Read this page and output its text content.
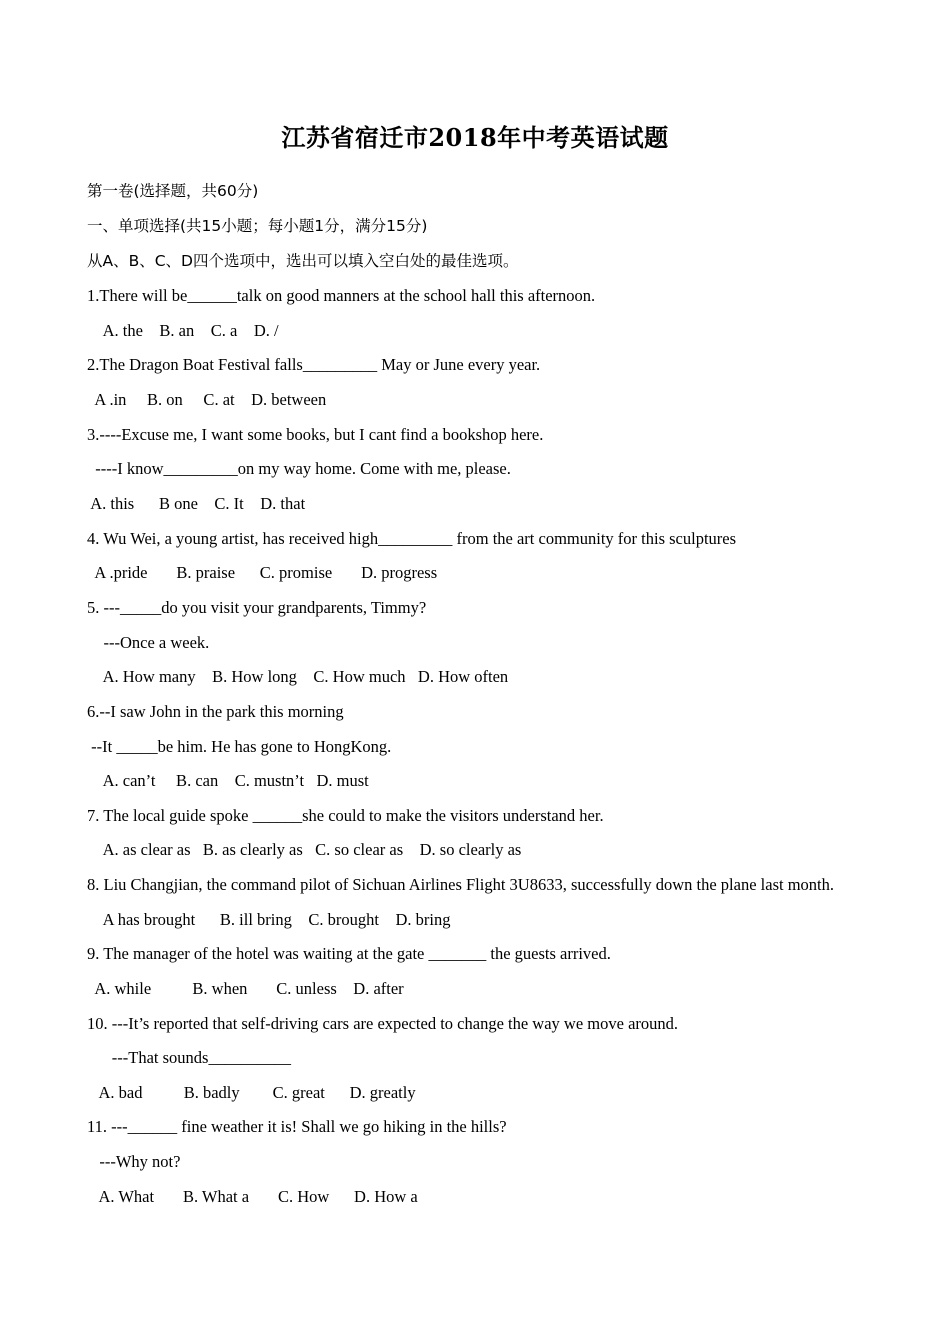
江苏省宿迁市2018年中考英语试题
第一卷(选择题，共60分)
一、单项选择(共15小题；每小题1分，满分15分)
从A、B、C、D四个选项中，选出可以填入空白处的最佳选项。
1.There will be______talk on good manners at the school hall this afternoon.
A. the    B. an    C. a    D. /
2.The Dragon Boat Festival falls_________ May or June every year.
A .in     B. on     C. at    D. between
3.----Excuse me, I want some books, but I cant find a bookshop here.
----I know_________on my way home. Come with me, please.
A. this      B one    C. It    D. that
4. Wu Wei, a young artist, has received high_________ from the art community for this sculptures
A .pride       B. praise      C. promise       D. progress
5. ---_____do you visit your grandparents, Timmy?
---Once a week.
A. How many    B. How long    C. How much   D. How often
6.--I saw John in the park this morning
--It _____be him. He has gone to HongKong.
A. can’t     B. can    C. mustn’t   D. must
7. The local guide spoke ______she could to make the visitors understand her.
A. as clear as   B. as clearly as   C. so clear as    D. so clearly as
8. Liu Changjian, the command pilot of Sichuan Airlines Flight 3U8633, successfully down the plane last month.
A has brought      B. ill bring    C. brought    D. bring
9. The manager of the hotel was waiting at the gate _______ the guests arrived.
A. while          B. when       C. unless    D. after
10. ---It’s reported that self-driving cars are expected to change the way we move around.
---That sounds__________
A. bad          B. badly        C. great      D. greatly
11. ---______ fine weather it is! Shall we go hiking in the hills?
---Why not?
A. What       B. What a       C. How      D. How a
